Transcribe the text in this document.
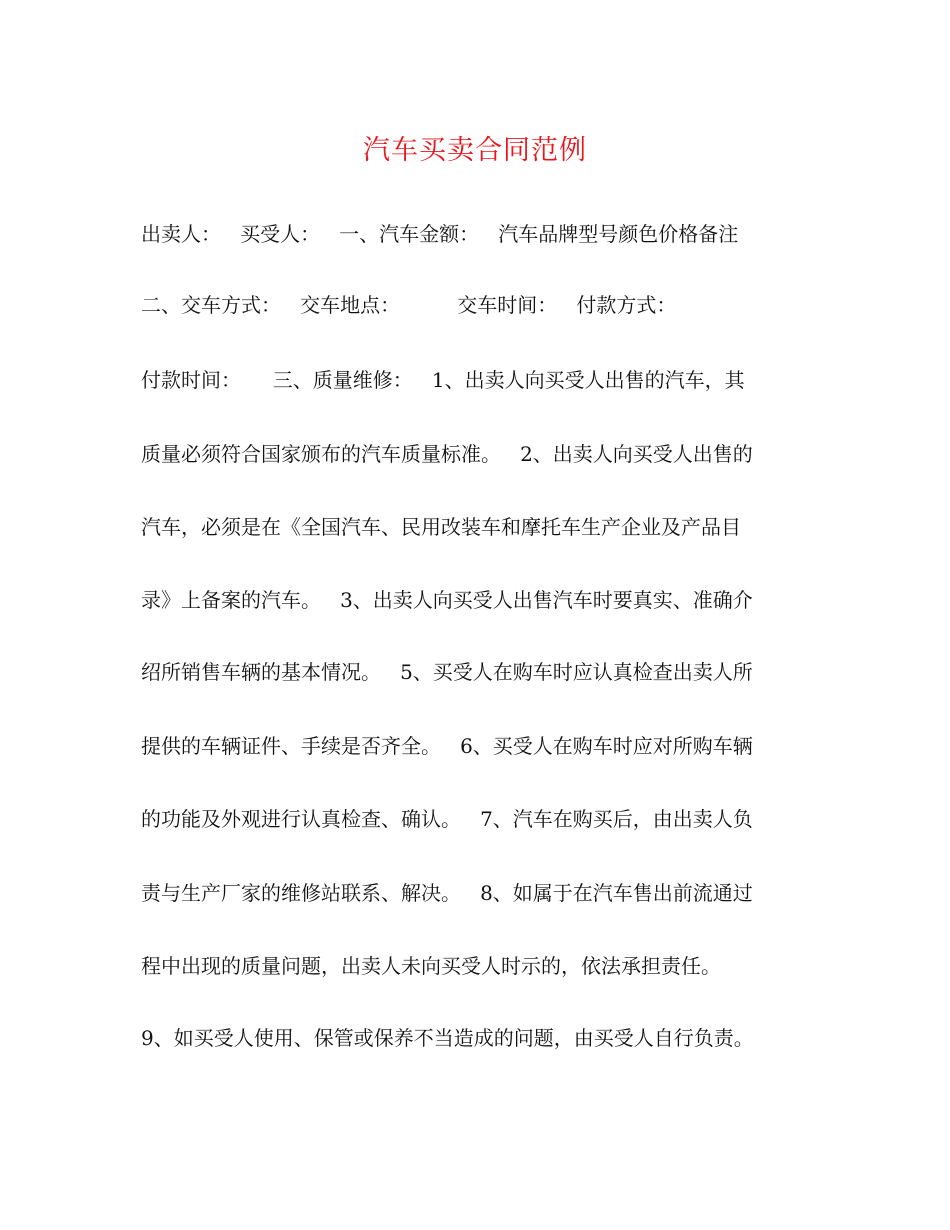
汽车买卖合同范例
出卖人：   买受人：   一、汽车金额：   汽车品牌型号颜色价格备注
二、交车方式：   交车地点：         交车时间：   付款方式：
付款时间：     三、质量维修：   1、出卖人向买受人出售的汽车，其
质量必须符合国家颁布的汽车质量标准。   2、出卖人向买受人出售的
汽车，必须是在《全国汽车、民用改装车和摩托车生产企业及产品目
录》上备案的汽车。   3、出卖人向买受人出售汽车时要真实、准确介
绍所销售车辆的基本情况。   5、买受人在购车时应认真检查出卖人所
提供的车辆证件、手续是否齐全。   6、买受人在购车时应对所购车辆
的功能及外观进行认真检查、确认。   7、汽车在购买后，由出卖人负
责与生产厂家的维修站联系、解决。   8、如属于在汽车售出前流通过
程中出现的质量问题，出卖人未向买受人时示的，依法承担责任。
9、如买受人使用、保管或保养不当造成的问题，由买受人自行负责。
